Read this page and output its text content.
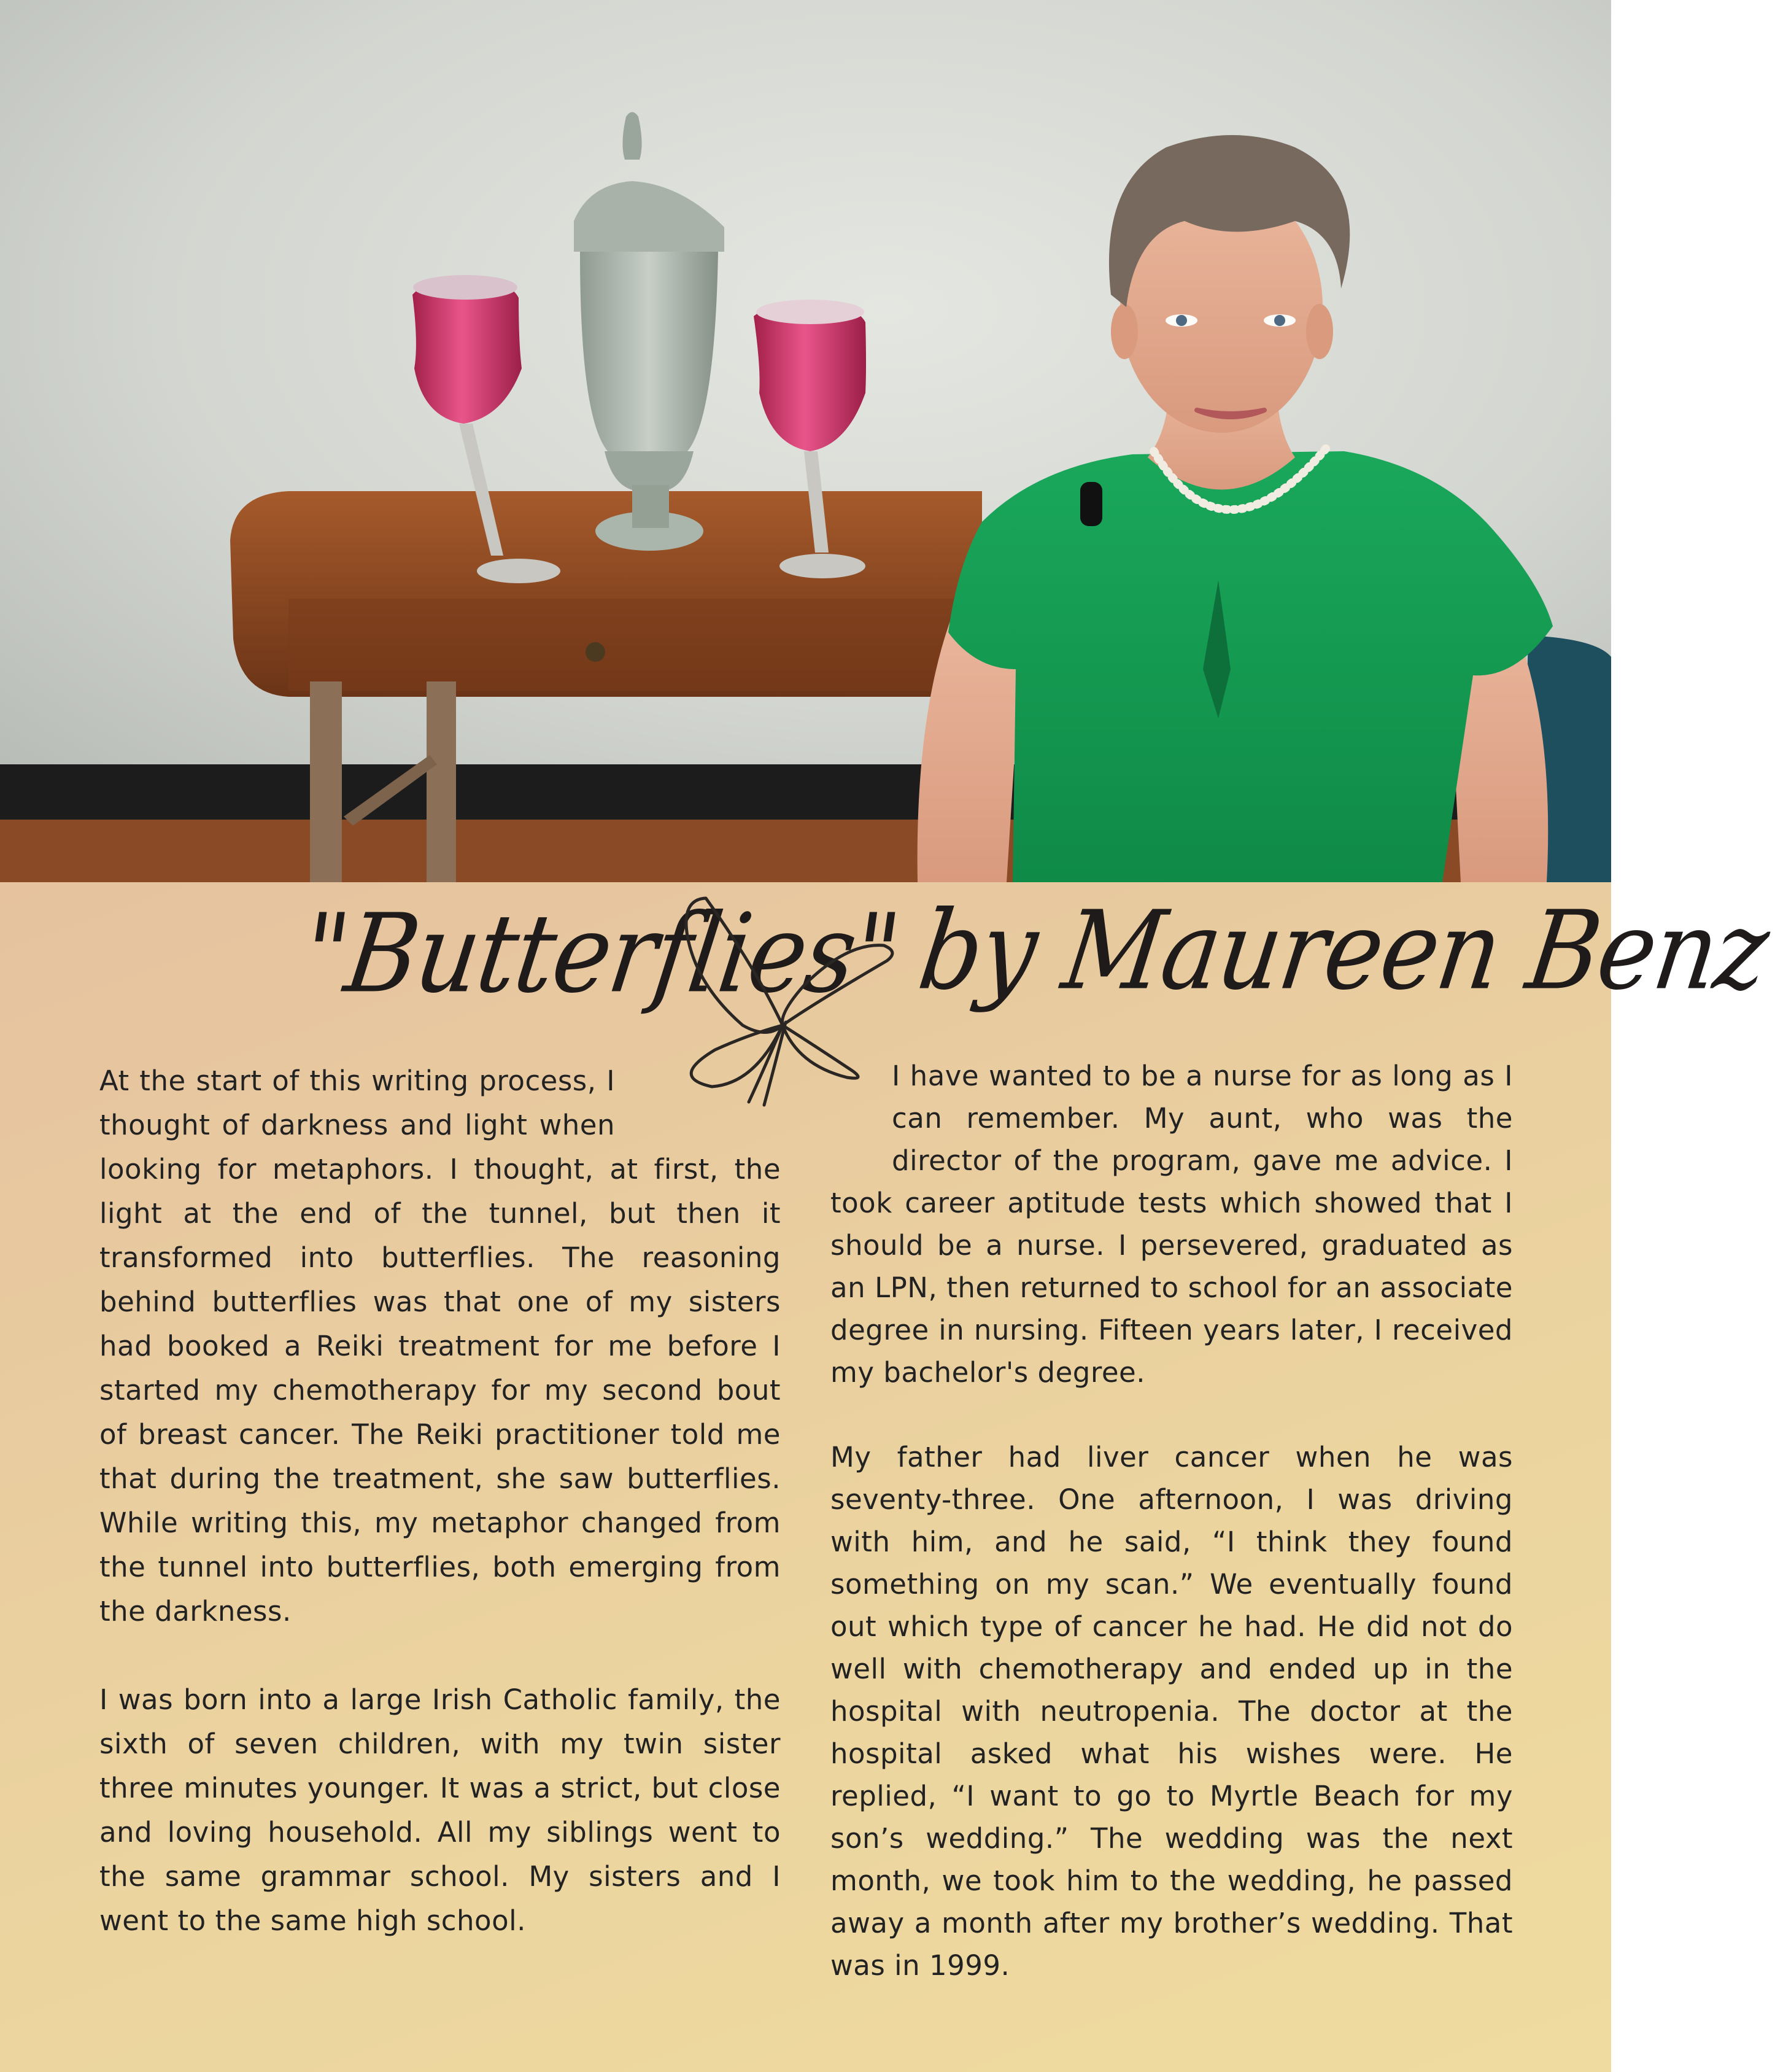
"Butterflies" by Maureen Benz

At the start of this writing process, I thought of darkness and light when looking for metaphors. I thought, at first, the light at the end of the tunnel, but then it transformed into butterflies. The reasoning behind butterflies was that one of my sisters had booked a Reiki treatment for me before I started my chemotherapy for my second bout of breast cancer. The Reiki practitioner told me that during the treatment, she saw butterflies. While writing this, my metaphor changed from the tunnel into butterflies, both emerging from the darkness.

I was born into a large Irish Catholic family, the sixth of seven children, with my twin sister three minutes younger. It was a strict, but close and loving household. All my siblings went to the same grammar school. My sisters and I went to the same high school.

I have wanted to be a nurse for as long as I can remember. My aunt, who was the director of the program, gave me advice. I took career aptitude tests which showed that I should be a nurse. I persevered, graduated as an LPN, then returned to school for an associate degree in nursing. Fifteen years later, I received my bachelor's degree.

My father had liver cancer when he was seventy-three. One afternoon, I was driving with him, and he said, “I think they found something on my scan.” We eventually found out which type of cancer he had. He did not do well with chemotherapy and ended up in the hospital with neutropenia. The doctor at the hospital asked what his wishes were. He replied, “I want to go to Myrtle Beach for my son’s wedding.” The wedding was the next month, we took him to the wedding, he passed away a month after my brother’s wedding. That was in 1999.
